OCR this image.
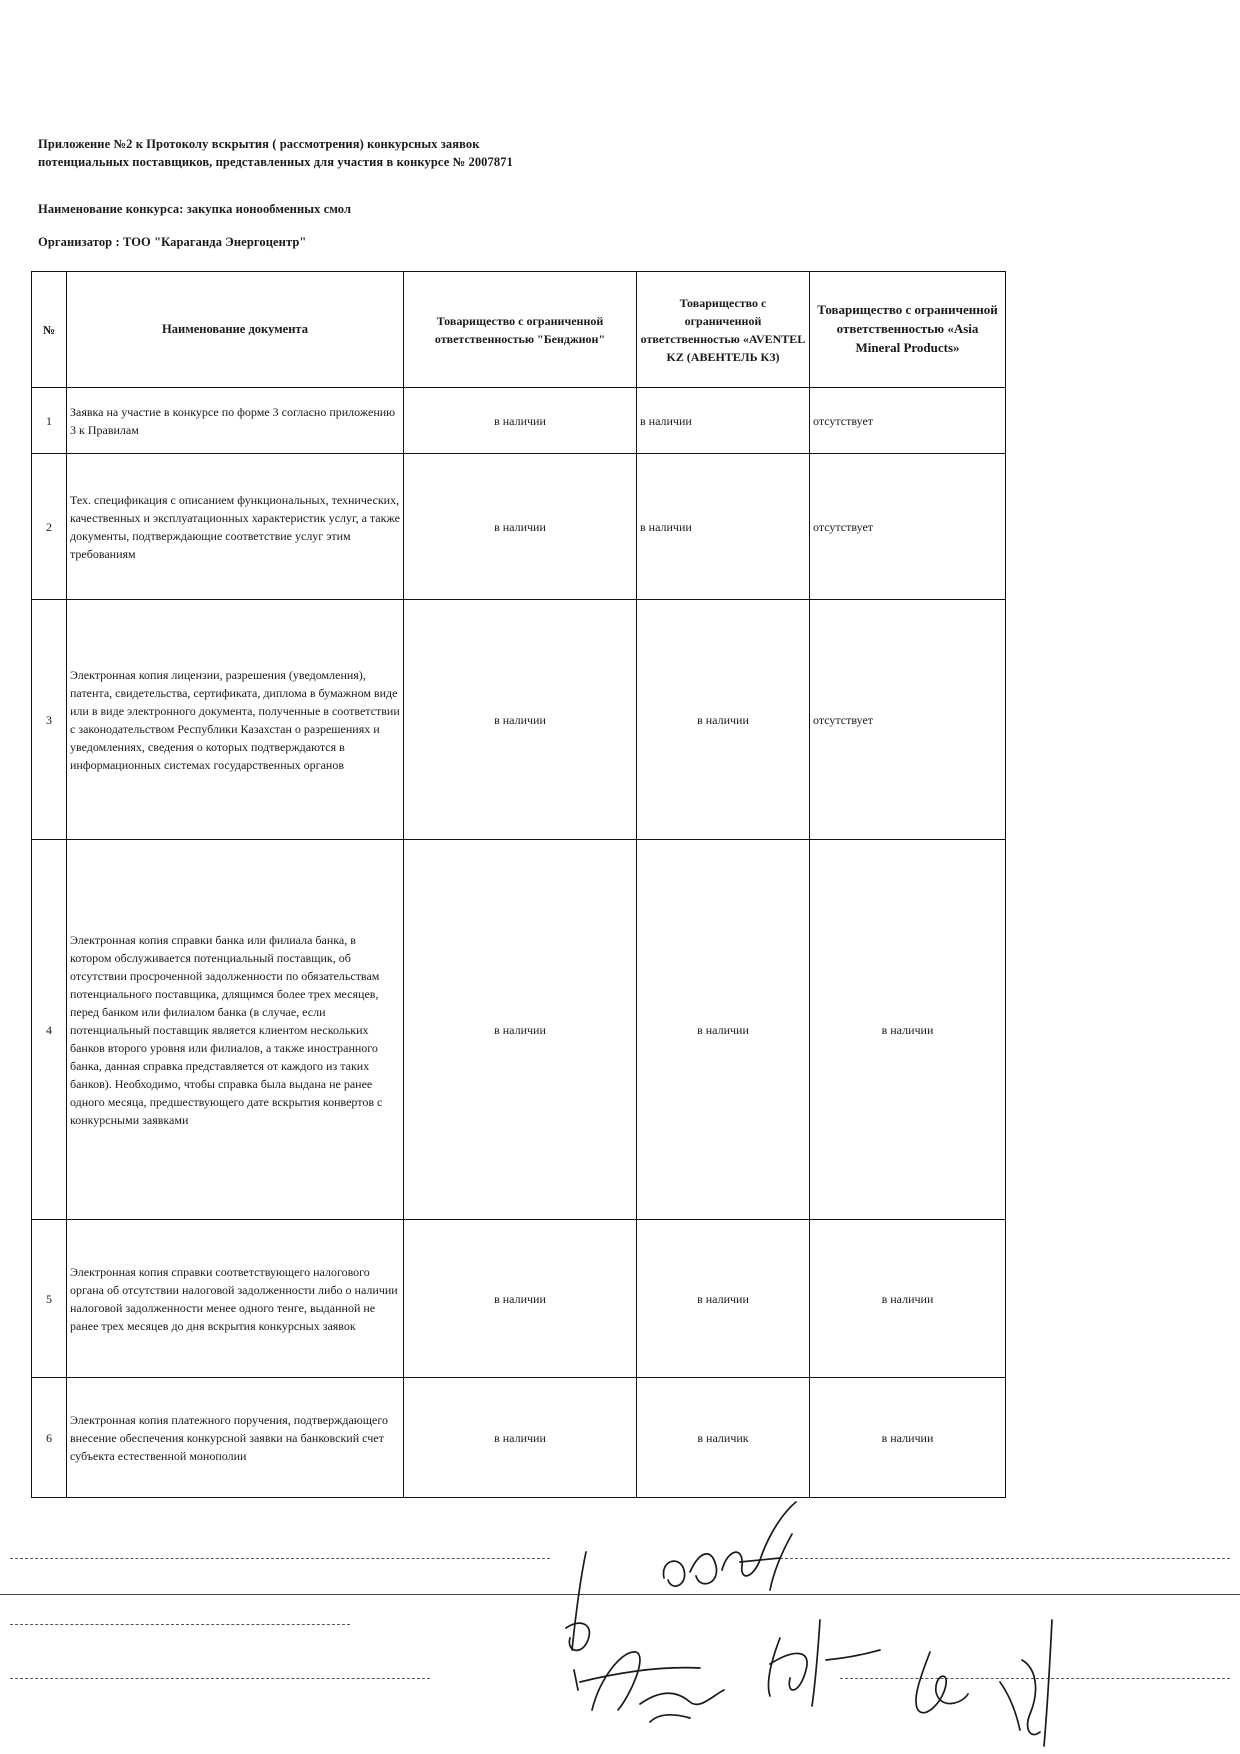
Приложение №2 к Протоколу вскрытия ( рассмотрения) конкурсных заявок
потенциальных поставщиков, представленных для участия в конкурсе № 2007871
Наименование конкурса: закупка ионообменных смол
Организатор : ТОО "Караганда Энергоцентр"
№	Наименование документа	Товарищество с ограниченной ответственностью "Бенджион"	Товарищество с ограниченной ответственностью «AVENTEL KZ (АВЕНТЕЛЬ КЗ)	Товарищество с ограниченной ответственностью «Asia Mineral Products»
1	Заявка на участие в конкурсе по форме 3 согласно приложению 3 к Правилам	в наличии	в наличии	отсутствует
2	Тех. спецификация с описанием функциональных, технических, качественных и эксплуатационных характеристик услуг, а также документы, подтверждающие соответствие услуг этим требованиям	в наличии	в наличии	отсутствует
3	Электронная копия лицензии, разрешения (уведомления), патента, свидетельства, сертификата, диплома в бумажном виде или в виде электронного документа, полученные в соответствии с законодательством Республики Казахстан о разрешениях и уведомлениях, сведения о которых подтверждаются в информационных системах государственных органов	в наличии	в наличии	отсутствует
4	Электронная копия справки банка или филиала банка, в котором обслуживается потенциальный поставщик, об отсутствии просроченной задолженности по обязательствам потенциального поставщика, длящимся более трех месяцев, перед банком или филиалом банка (в случае, если потенциальный поставщик является клиентом нескольких банков второго уровня или филиалов, а также иностранного банка, данная справка представляется от каждого из таких банков). Необходимо, чтобы справка была выдана не ранее одного месяца, предшествующего дате вскрытия конвертов с конкурсными заявками	в наличии	в наличии	в наличии
5	Электронная копия справки соответствующего налогового органа об отсутствии налоговой задолженности либо о наличии налоговой задолженности менее одного тенге, выданной не ранее трех месяцев до дня вскрытия конкурсных заявок	в наличии	в наличии	в наличии
6	Электронная копия платежного поручения, подтверждающего внесение обеспечения конкурсной заявки на банковский счет субъекта естественной монополии	в наличии	в наличик	в наличии
